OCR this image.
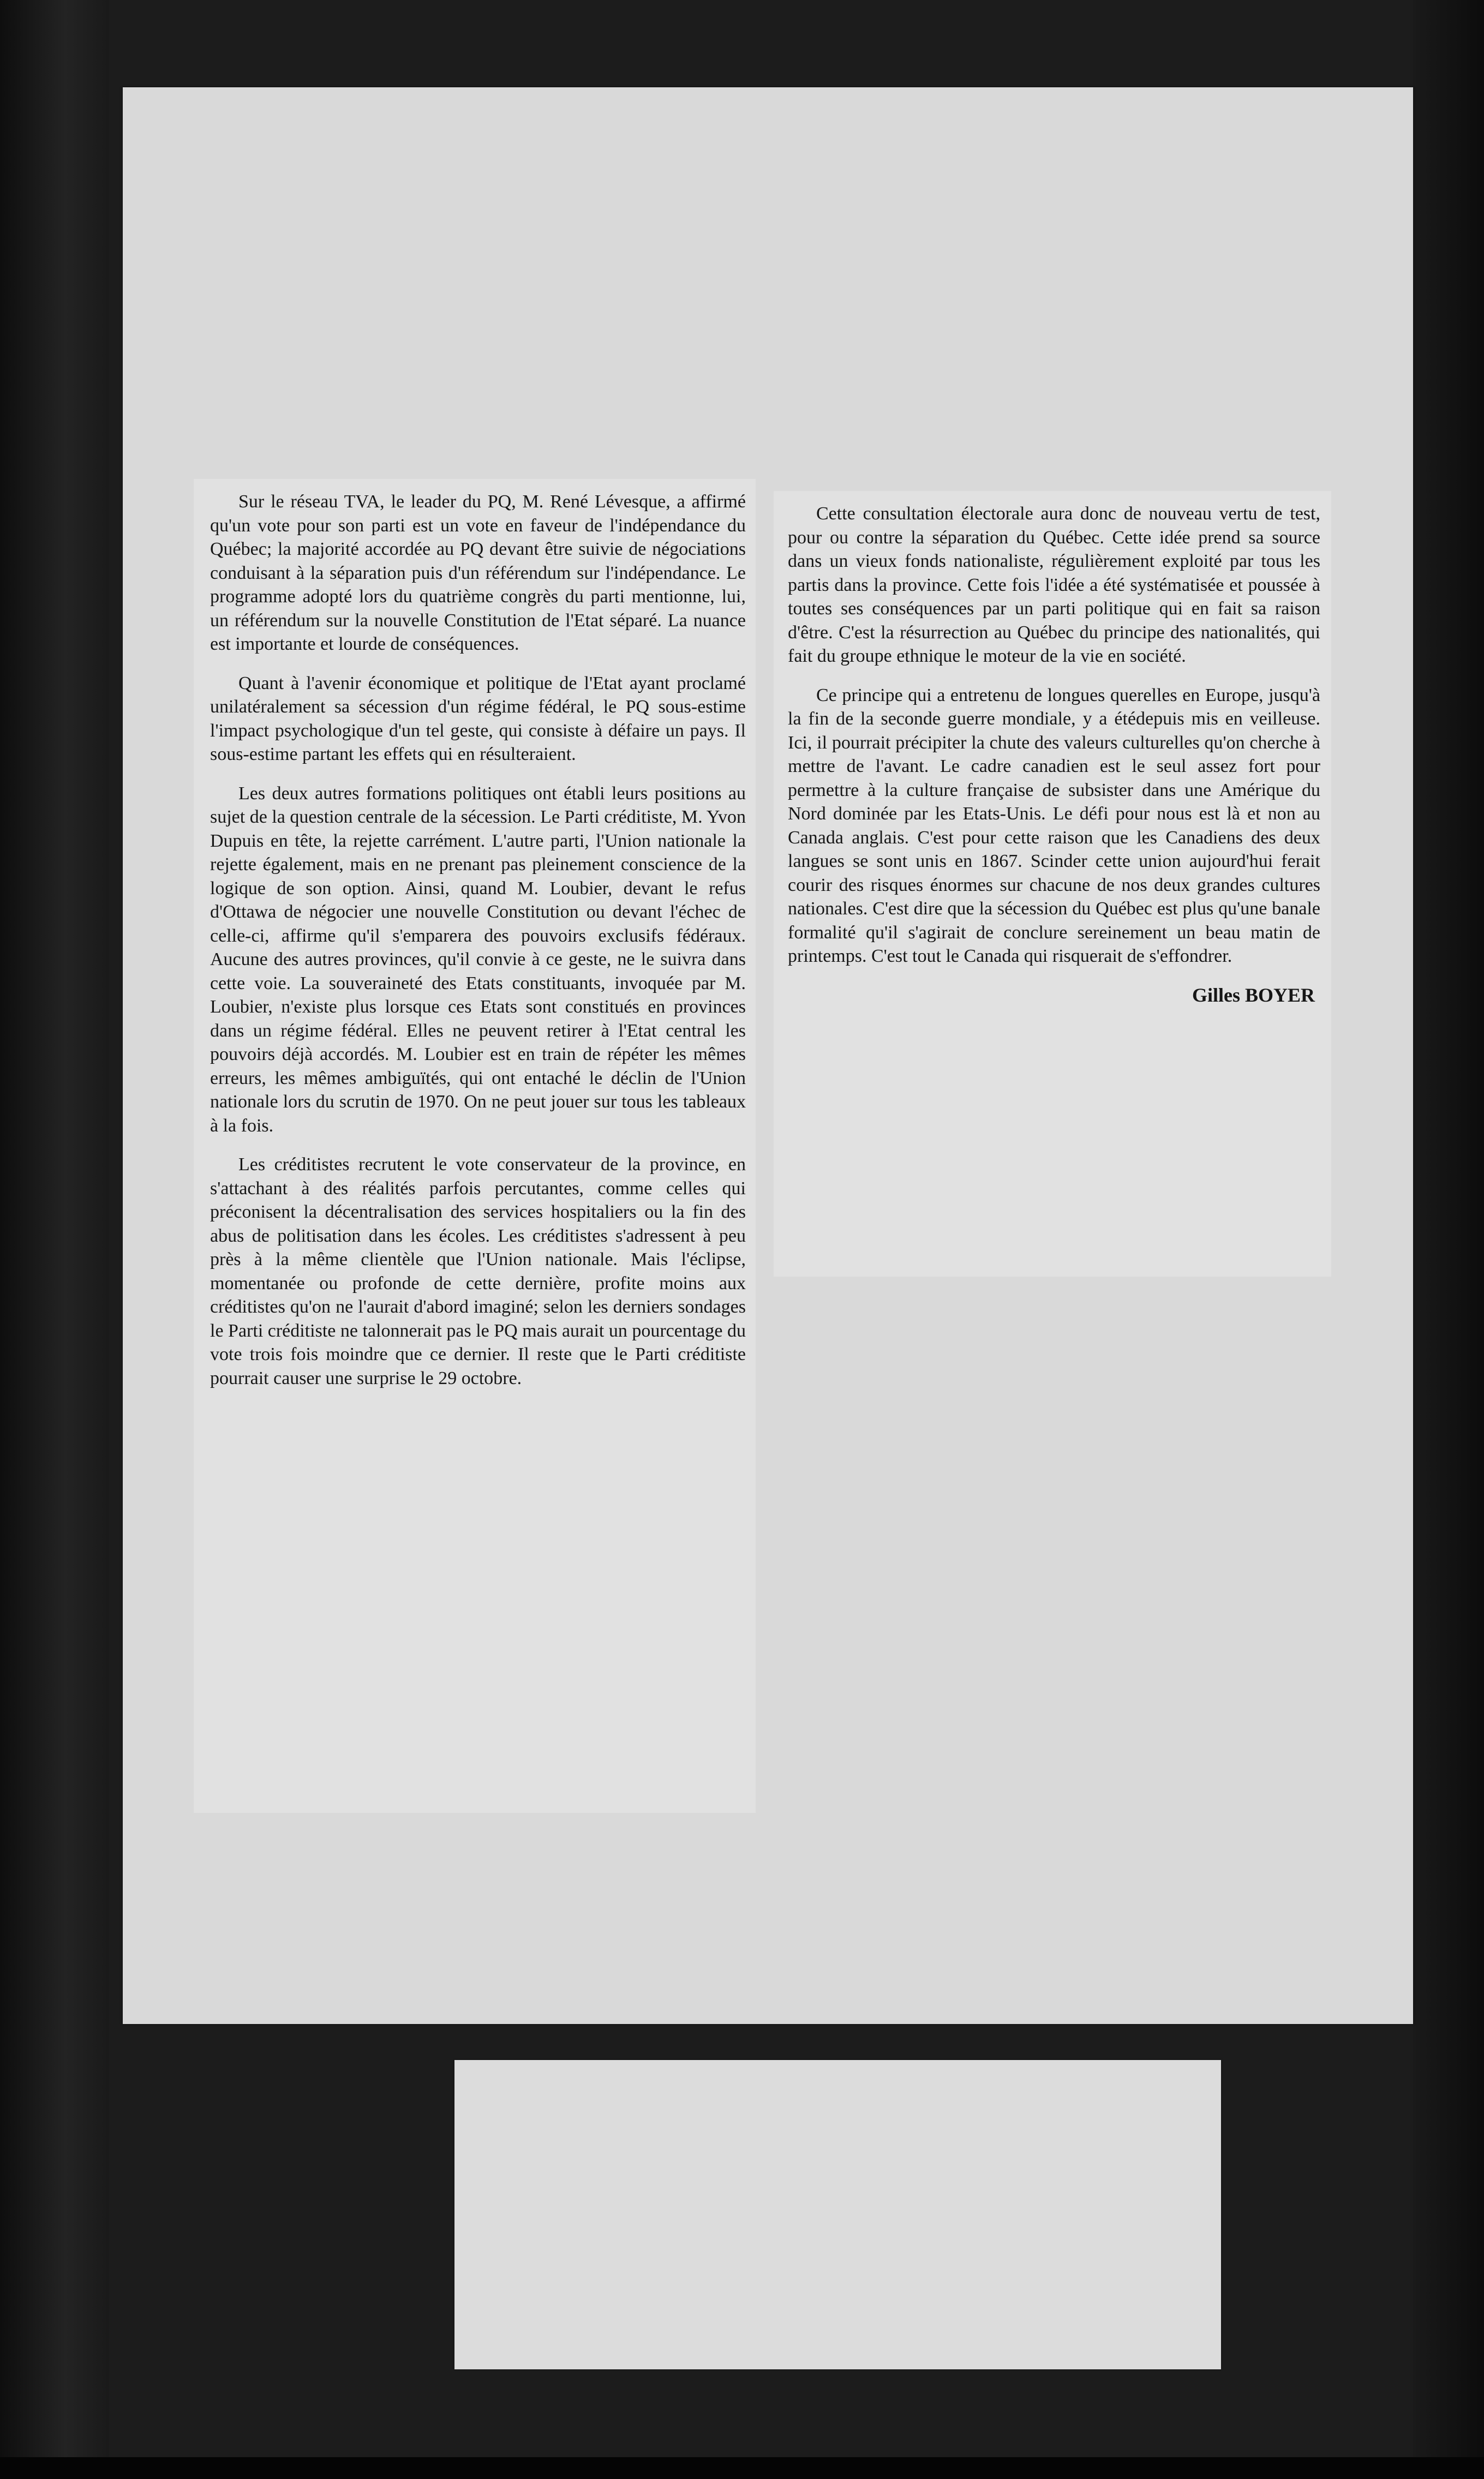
Sur le réseau TVA, le leader du PQ, M. René Lévesque, a affirmé qu'un vote pour son parti est un vote en faveur de l'indépendance du Québec; la majorité accordée au PQ devant être suivie de négociations conduisant à la séparation puis d'un référendum sur l'indépendance. Le programme adopté lors du quatrième congrès du parti mentionne, lui, un référendum sur la nouvelle Constitution de l'Etat séparé. La nuance est importante et lourde de conséquences.

Quant à l'avenir économique et politique de l'Etat ayant proclamé unilatéralement sa sécession d'un régime fédéral, le PQ sous-estime l'impact psychologique d'un tel geste, qui consiste à défaire un pays. Il sous-estime partant les effets qui en résulteraient.

Les deux autres formations politiques ont établi leurs positions au sujet de la question centrale de la sécession. Le Parti créditiste, M. Yvon Dupuis en tête, la rejette carrément. L'autre parti, l'Union nationale la rejette également, mais en ne prenant pas pleinement conscience de la logique de son option. Ainsi, quand M. Loubier, devant le refus d'Ottawa de négocier une nouvelle Constitution ou devant l'échec de celle-ci, affirme qu'il s'emparera des pouvoirs exclusifs fédéraux. Aucune des autres provinces, qu'il convie à ce geste, ne le suivra dans cette voie. La souveraineté des Etats constituants, invoquée par M. Loubier, n'existe plus lorsque ces Etats sont constitués en provinces dans un régime fédéral. Elles ne peuvent retirer à l'Etat central les pouvoirs déjà accordés. M. Loubier est en train de répéter les mêmes erreurs, les mêmes ambiguïtés, qui ont entaché le déclin de l'Union nationale lors du scrutin de 1970. On ne peut jouer sur tous les tableaux à la fois.

Les créditistes recrutent le vote conservateur de la province, en s'attachant à des réalités parfois percutantes, comme celles qui préconisent la décentralisation des services hospitaliers ou la fin des abus de politisation dans les écoles. Les créditistes s'adressent à peu près à la même clientèle que l'Union nationale. Mais l'éclipse, momentanée ou profonde de cette dernière, profite moins aux créditistes qu'on ne l'aurait d'abord imaginé; selon les derniers sondages le Parti créditiste ne talonnerait pas le PQ mais aurait un pourcentage du vote trois fois moindre que ce dernier. Il reste que le Parti créditiste pourrait causer une surprise le 29 octobre.

Cette consultation électorale aura donc de nouveau vertu de test, pour ou contre la séparation du Québec. Cette idée prend sa source dans un vieux fonds nationaliste, régulièrement exploité par tous les partis dans la province. Cette fois l'idée a été systématisée et poussée à toutes ses conséquences par un parti politique qui en fait sa raison d'être. C'est la résurrection au Québec du principe des nationalités, qui fait du groupe ethnique le moteur de la vie en société.

Ce principe qui a entretenu de longues querelles en Europe, jusqu'à la fin de la seconde guerre mondiale, y a étédepuis mis en veilleuse. Ici, il pourrait précipiter la chute des valeurs culturelles qu'on cherche à mettre de l'avant. Le cadre canadien est le seul assez fort pour permettre à la culture française de subsister dans une Amérique du Nord dominée par les Etats-Unis. Le défi pour nous est là et non au Canada anglais. C'est pour cette raison que les Canadiens des deux langues se sont unis en 1867. Scinder cette union aujourd'hui ferait courir des risques énormes sur chacune de nos deux grandes cultures nationales. C'est dire que la sécession du Québec est plus qu'une banale formalité qu'il s'agirait de conclure sereinement un beau matin de printemps. C'est tout le Canada qui risquerait de s'effondrer.

Gilles BOYER
